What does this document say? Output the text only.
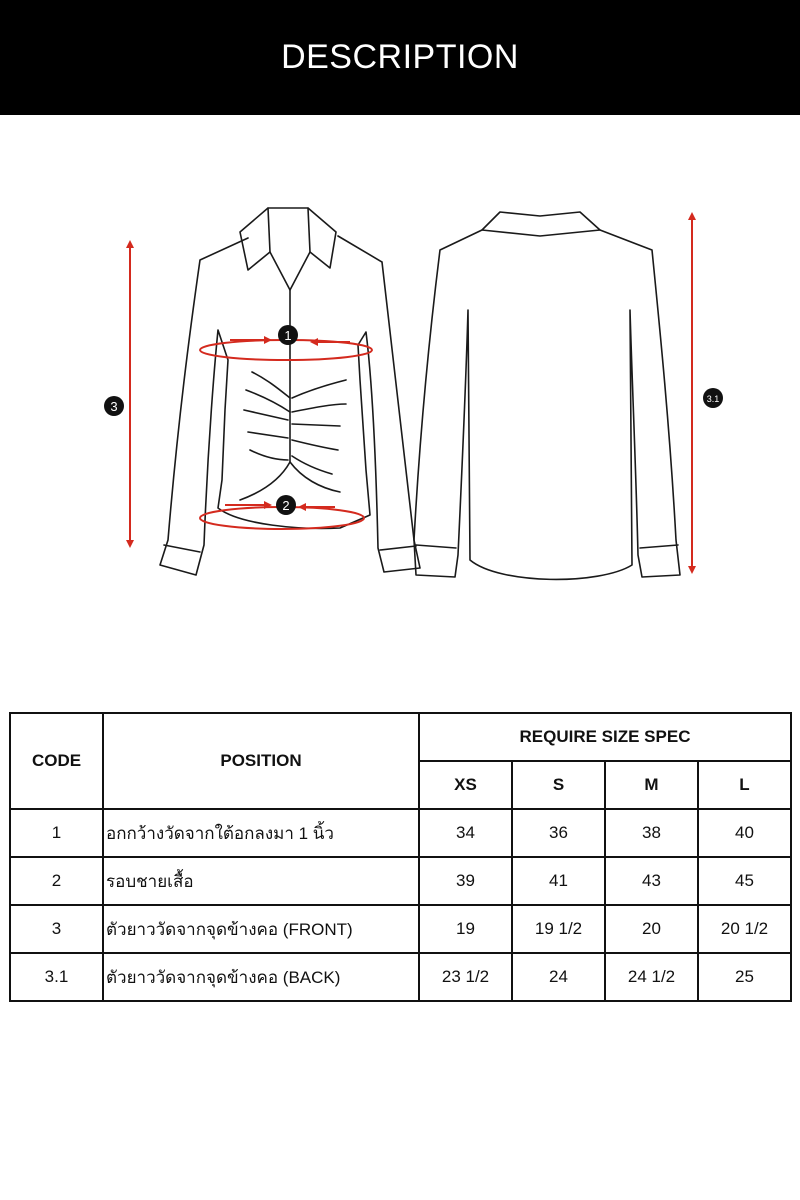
DESCRIPTION
1
2
3	3.1
CODE	POSITION	REQUIRE SIZE SPEC			
		XS	S	M	L
1	อกกว้างวัดจากใต้อกลงมา 1 นิ้ว	34	36	38	40
2	รอบชายเสื้อ	39	41	43	45
3	ตัวยาววัดจากจุดข้างคอ (FRONT)	19	19 1/2	20	20 1/2
3.1	ตัวยาววัดจากจุดข้างคอ (BACK)	23 1/2	24	24 1/2	25
